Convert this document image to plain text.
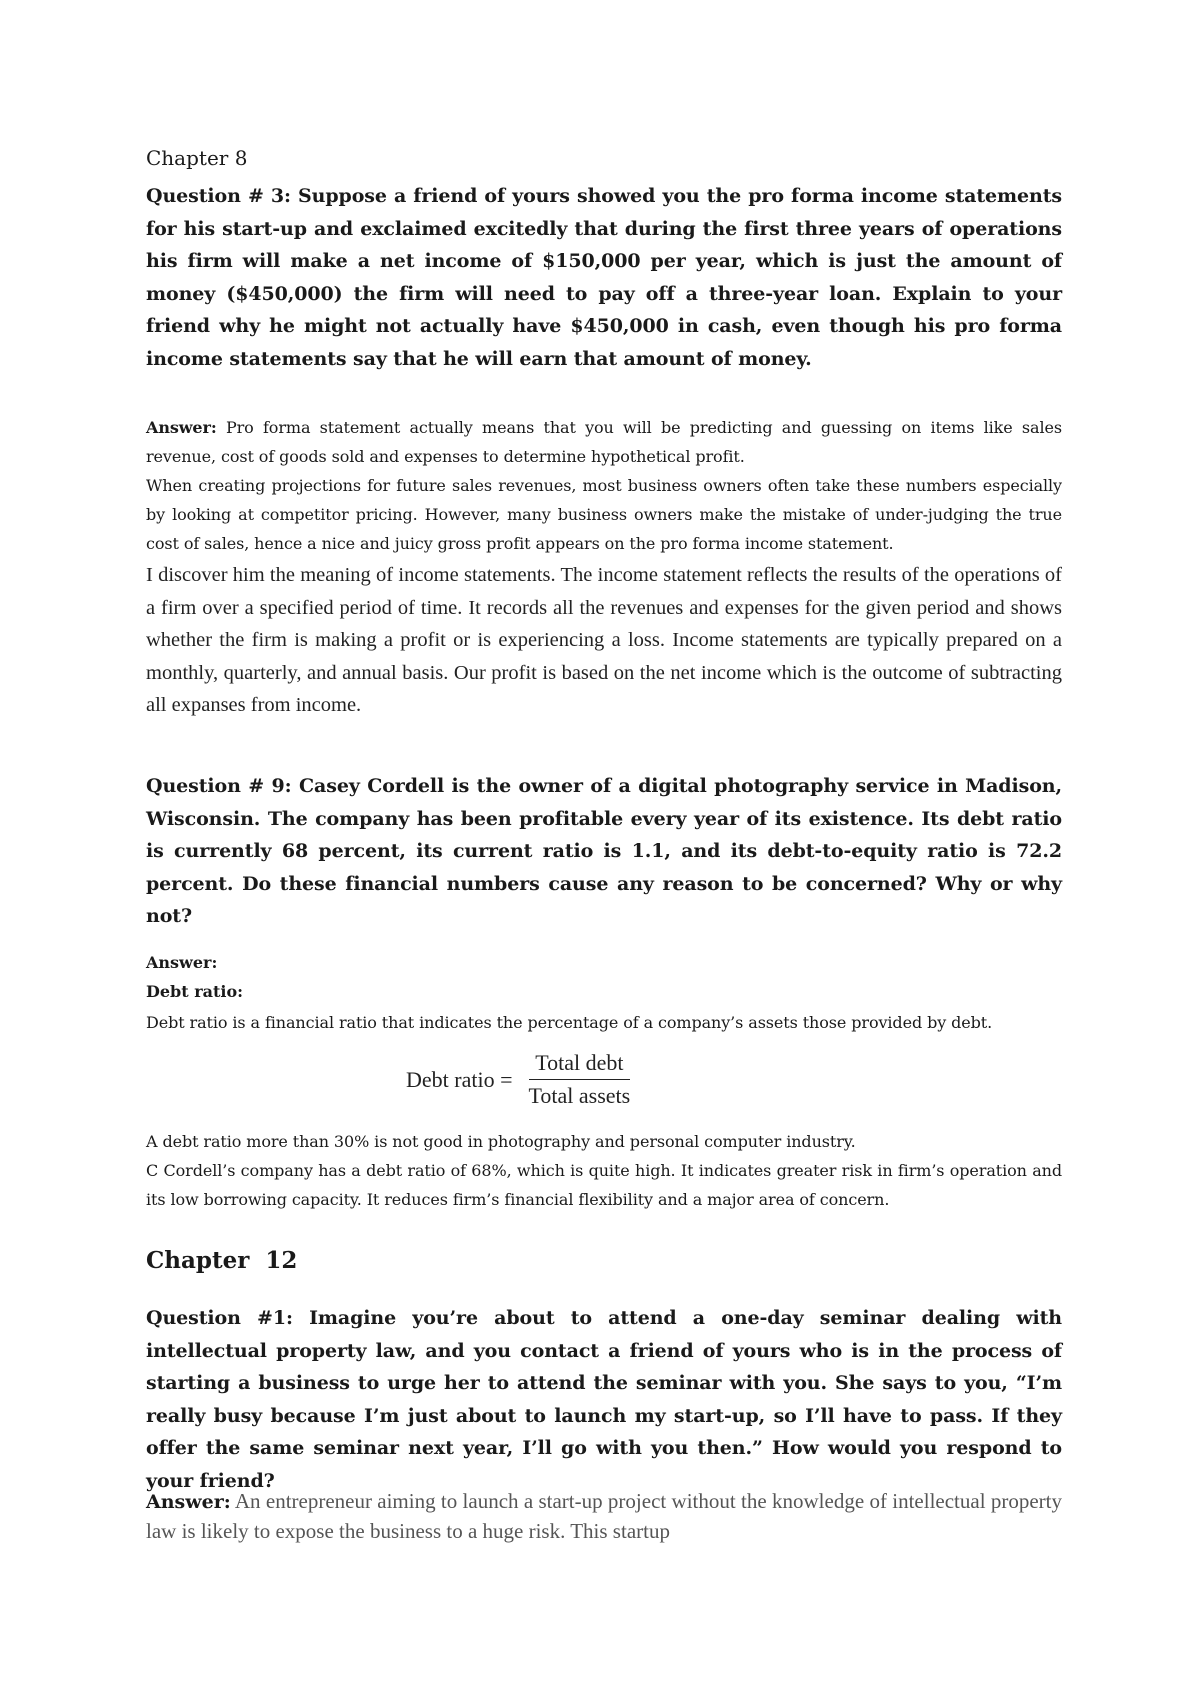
Chapter 8
Question # 3: Suppose a friend of yours showed you the pro forma income statements for his start-up and exclaimed excitedly that during the first three years of operations his firm will make a net income of $150,000 per year, which is just the amount of money ($450,000) the firm will need to pay off a three-year loan. Explain to your friend why he might not actually have $450,000 in cash, even though his pro forma income statements say that he will earn that amount of money.
Answer: Pro forma statement actually means that you will be predicting and guessing on items like sales revenue, cost of goods sold and expenses to determine hypothetical profit.
When creating projections for future sales revenues, most business owners often take these numbers especially by looking at competitor pricing. However, many business owners make the mistake of under-judging the true cost of sales, hence a nice and juicy gross profit appears on the pro forma income statement.
I discover him the meaning of income statements. The income statement reflects the results of the operations of a firm over a specified period of time. It records all the revenues and expenses for the given period and shows whether the firm is making a profit or is experiencing a loss. Income statements are typically prepared on a monthly, quarterly, and annual basis. Our profit is based on the net income which is the outcome of subtracting all expanses from income.
Question # 9: Casey Cordell is the owner of a digital photography service in Madison, Wisconsin. The company has been profitable every year of its existence. Its debt ratio is currently 68 percent, its current ratio is 1.1, and its debt-to-equity ratio is 72.2 percent. Do these financial numbers cause any reason to be concerned? Why or why not?
Answer:
Debt ratio:
Debt ratio is a financial ratio that indicates the percentage of a company’s assets those provided by debt.
Debt ratio = $\frac{\text{Total debt}}{\text{Total assets}}$
A debt ratio more than 30% is not good in photography and personal computer industry.
C Cordell’s company has a debt ratio of 68%, which is quite high. It indicates greater risk in firm’s operation and its low borrowing capacity. It reduces firm’s financial flexibility and a major area of concern.
Chapter 12
Question #1: Imagine you’re about to attend a one-day seminar dealing with intellectual property law, and you contact a friend of yours who is in the process of starting a business to urge her to attend the seminar with you. She says to you, “I’m really busy because I’m just about to launch my start-up, so I’ll have to pass. If they offer the same seminar next year, I’ll go with you then.” How would you respond to your friend?
Answer: An entrepreneur aiming to launch a start-up project without the knowledge of intellectual property law is likely to expose the business to a huge risk. This startup
